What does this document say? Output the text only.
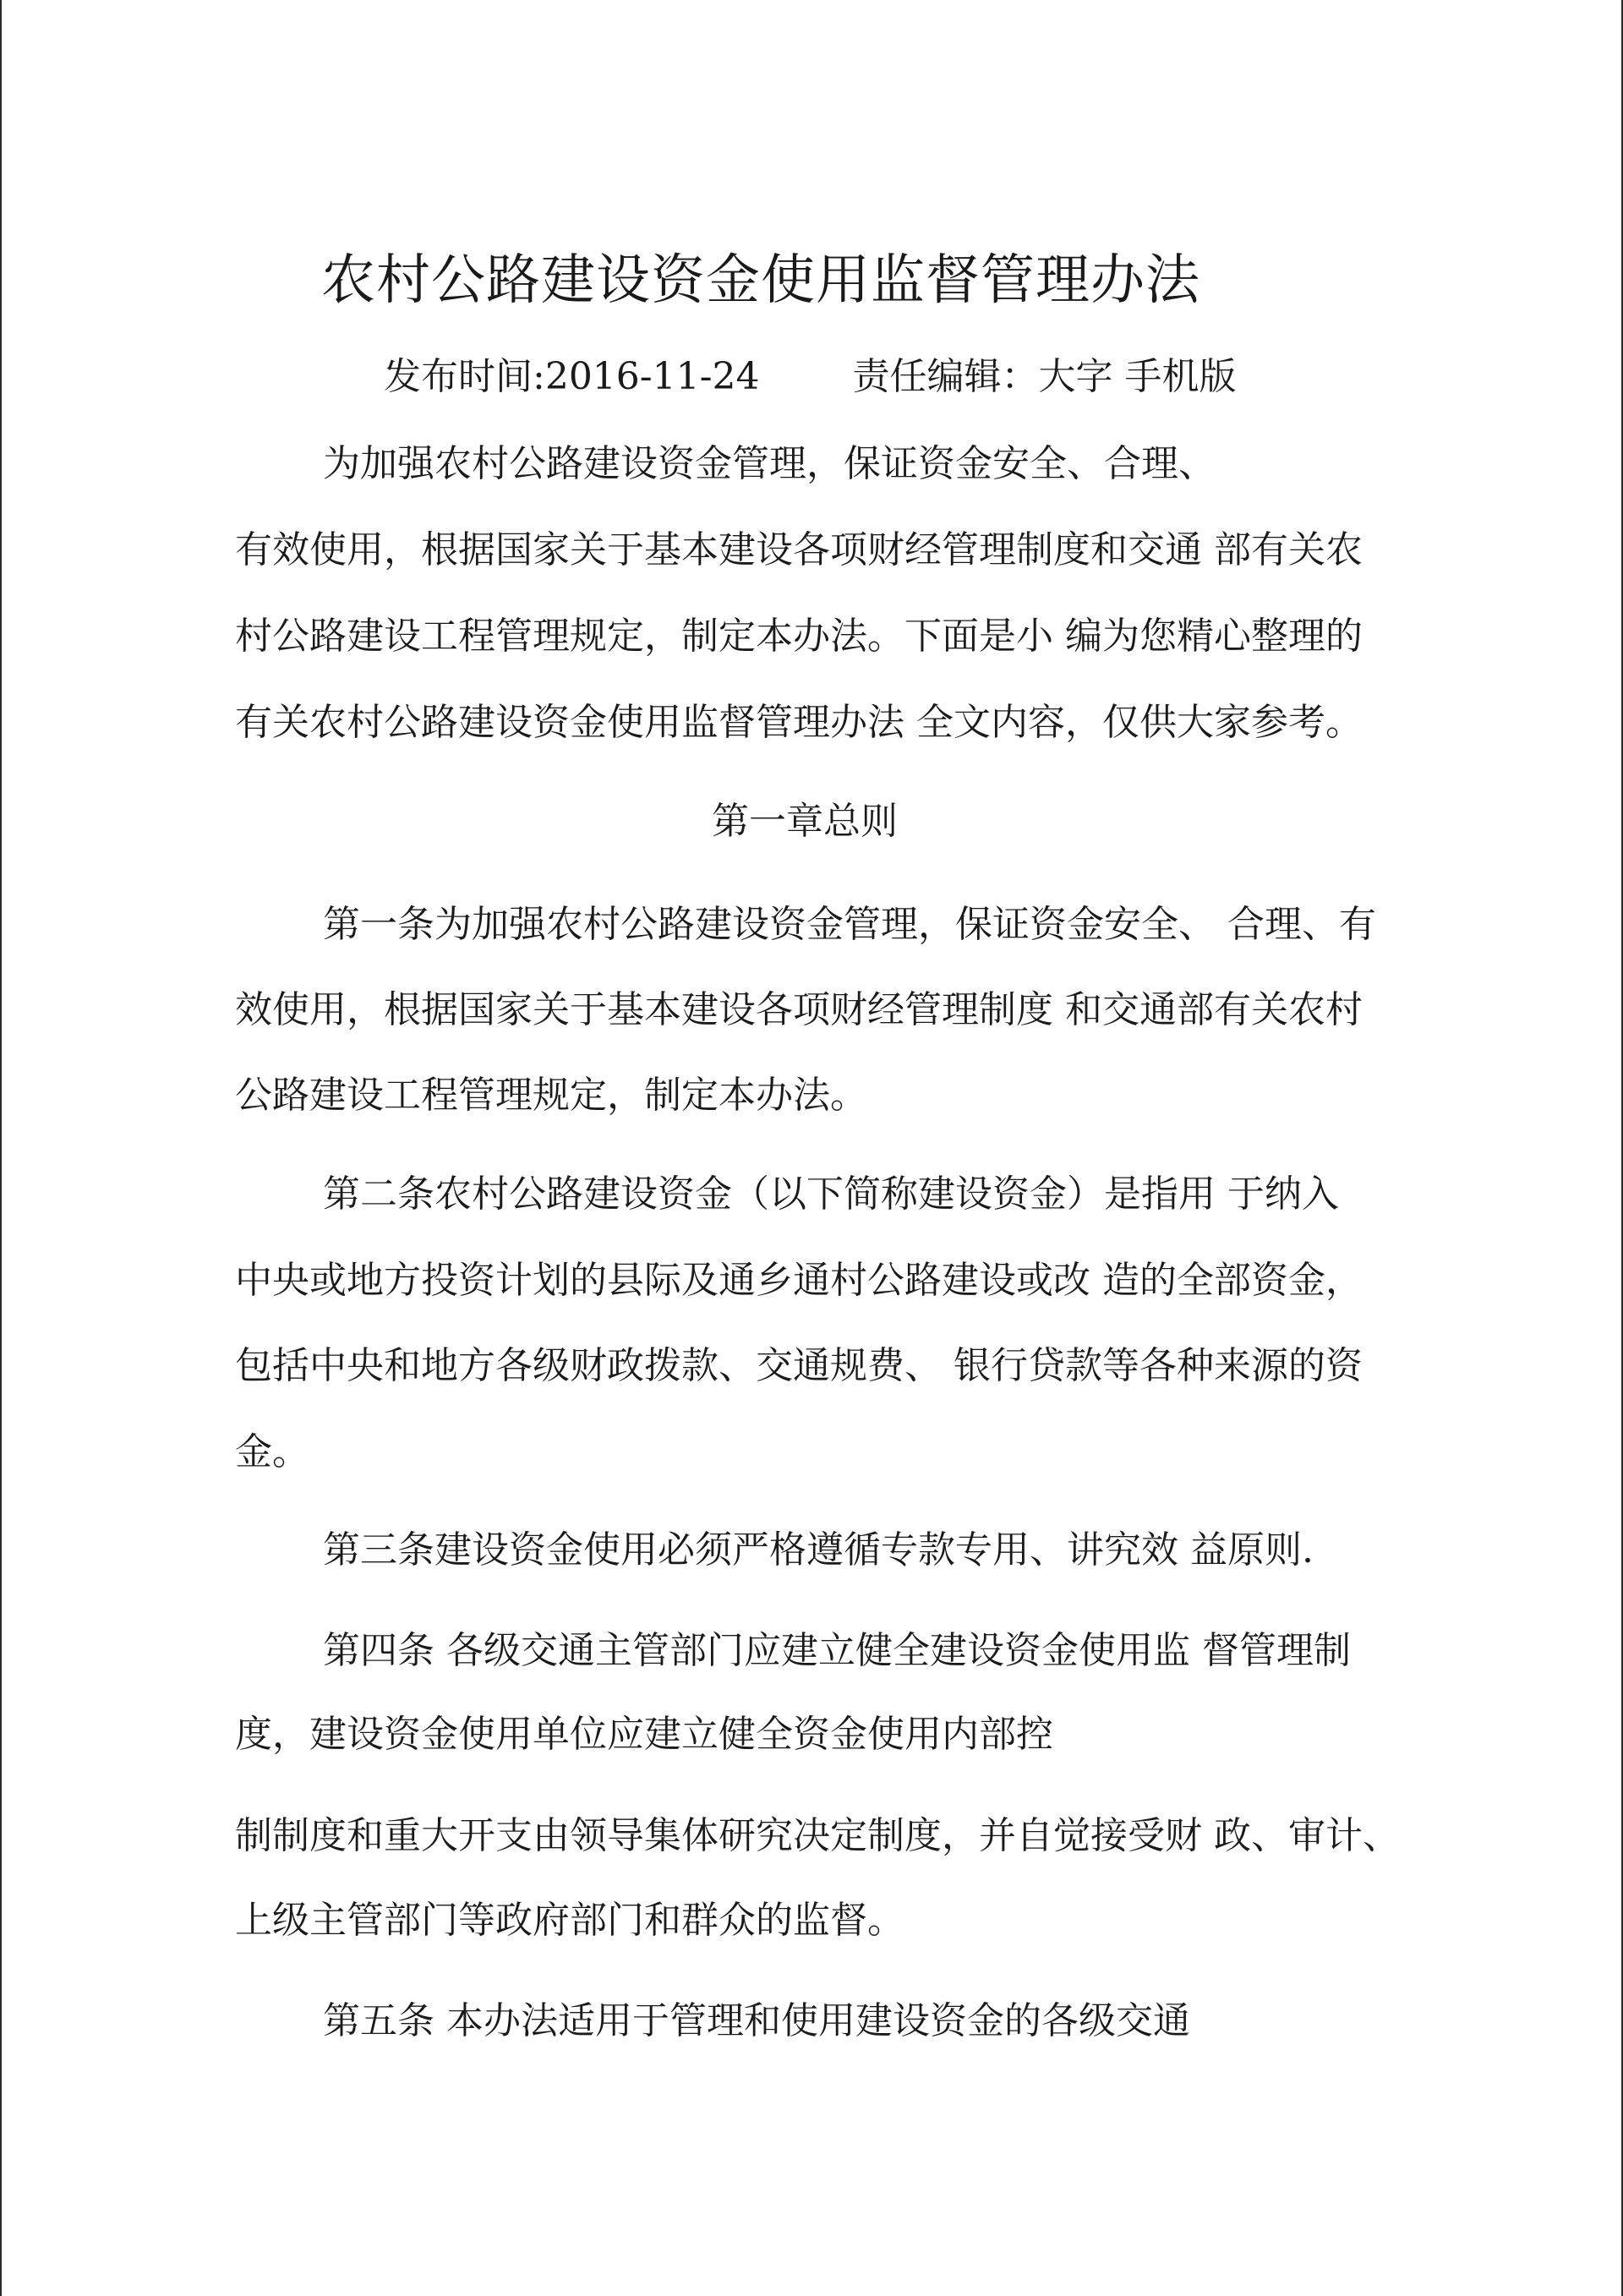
农村公路建设资金使用监督管理办法
发布时间:2016-11-24	责任编辑：大字 手机版
为加强农村公路建设资金管理，保证资金安全、合理、
有效使用，根据国家关于基本建设各项财经管理制度和交通 部有关农
村公路建设工程管理规定，制定本办法。下面是小 编为您精心整理的
有关农村公路建设资金使用监督管理办法 全文内容，仅供大家参考。
第一章总则
第一条为加强农村公路建设资金管理，保证资金安全、 合理、有
效使用，根据国家关于基本建设各项财经管理制度 和交通部有关农村
公路建设工程管理规定，制定本办法。
第二条农村公路建设资金（以下简称建设资金）是指用 于纳入
中央或地方投资计划的县际及通乡通村公路建设或改 造的全部资金，
包括中央和地方各级财政拨款、交通规费、 银行贷款等各种来源的资
金。
第三条建设资金使用必须严格遵循专款专用、讲究效 益原则.
第四条 各级交通主管部门应建立健全建设资金使用监 督管理制
度，建设资金使用单位应建立健全资金使用内部控
制制度和重大开支由领导集体研究决定制度，并自觉接受财 政、审计、
上级主管部门等政府部门和群众的监督。
第五条 本办法适用于管理和使用建设资金的各级交通
